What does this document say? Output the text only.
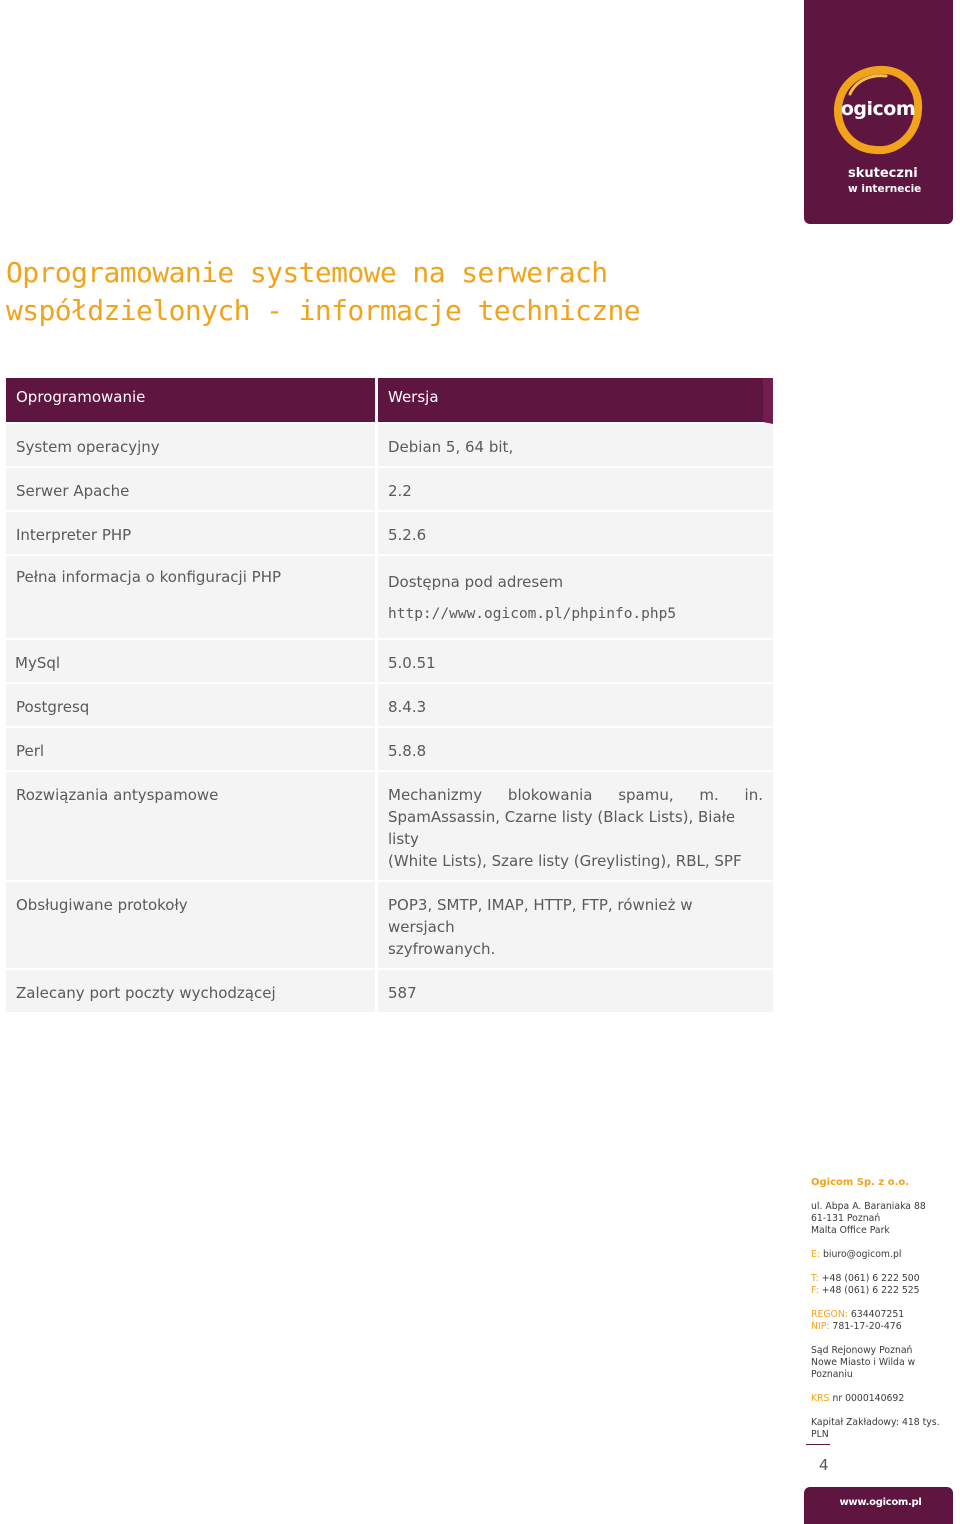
ogicom
skuteczni
w internecie
Oprogramowanie systemowe na serwerach
współdzielonych - informacje techniczne
Oprogramowanie	Wersja
System operacyjny	Debian 5, 64 bit,

Serwer Apache	2.2

Interpreter PHP	5.2.6

Pełna informacja o konfiguracji PHP	Dostępna pod adresem
http://www.ogicom.pl/phpinfo.php5

MySql	5.0.51

Postgresq	8.4.3

Perl	5.8.8

Rozwiązania antyspamowe	Mechanizmy blokowania spamu, m. in.
SpamAssassin, Czarne listy (Black Lists), Białe listy
(White Lists), Szare listy (Greylisting), RBL, SPF

Obsługiwane protokoły	POP3, SMTP, IMAP, HTTP, FTP, również w wersjach
szyfrowanych.

Zalecany port poczty wychodzącej	587
Ogicom Sp. z o.o.
ul. Abpa A. Baraniaka 88
61-131 Poznań
Malta Office Park
E: biuro@ogicom.pl
T: +48 (061) 6 222 500
F: +48 (061) 6 222 525
REGON: 634407251
NIP: 781-17-20-476
Sąd Rejonowy Poznań
Nowe Miasto i Wilda w Poznaniu
KRS nr 0000140692
Kapitał Zakładowy: 418 tys. PLN
4
www.ogicom.pl
